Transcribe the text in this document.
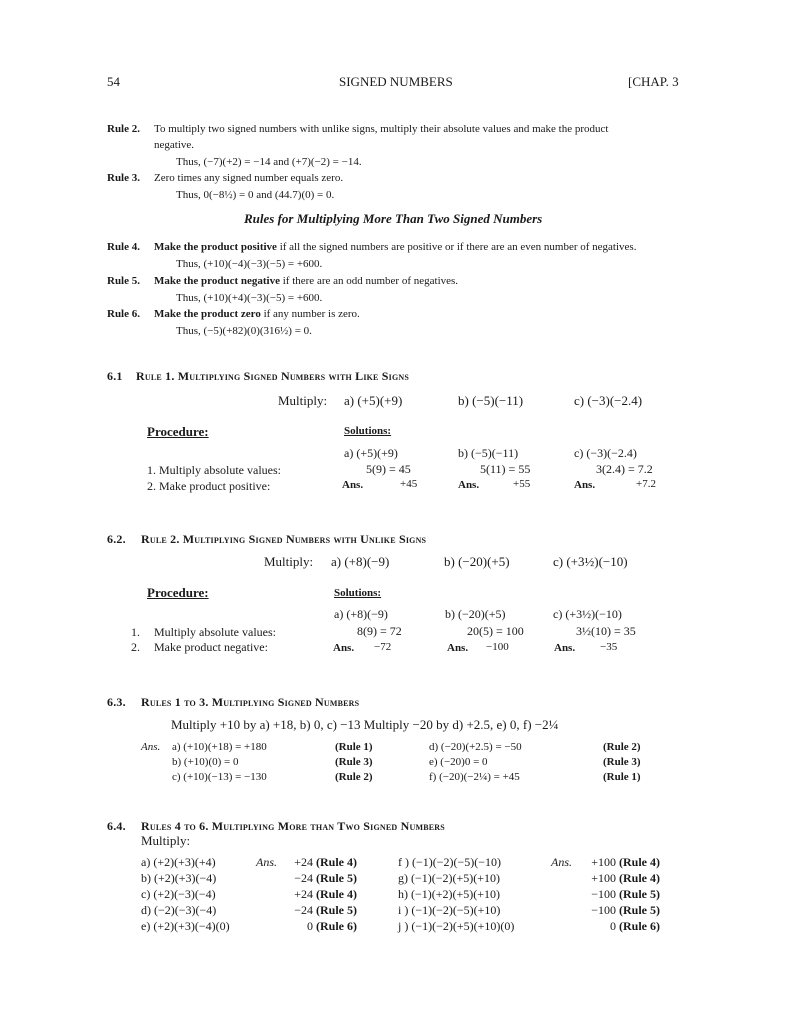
54	SIGNED NUMBERS	[CHAP. 3
Rule 2. To multiply two signed numbers with unlike signs, multiply their absolute values and make the product
negative.
Thus, (−7)(+2) = −14 and (+7)(−2) = −14.
Rule 3. Zero times any signed number equals zero.
Thus, 0(−8½) = 0 and (44.7)(0) = 0.
Rules for Multiplying More Than Two Signed Numbers
Rule 4. Make the product positive if all the signed numbers are positive or if there are an even number of negatives.
Thus, (+10)(−4)(−3)(−5) = +600.
Rule 5. Make the product negative if there are an odd number of negatives.
Thus, (+10)(+4)(−3)(−5) = +600.
Rule 6. Make the product zero if any number is zero.
Thus, (−5)(+82)(0)(316½) = 0.
6.1 Rule 1. Multiplying Signed Numbers with Like Signs
Multiply: a) (+5)(+9)	b) (−5)(−11)	c) (−3)(−2.4)
Procedure:	Solutions:
a) (+5)(+9)	b) (−5)(−11)	c) (−3)(−2.4)
1. Multiply absolute values:	5(9) = 45	5(11) = 55	3(2.4) = 7.2
2. Make product positive:	Ans.	+45	Ans.	+55	Ans.	+7.2
6.2. Rule 2. Multiplying Signed Numbers with Unlike Signs
Multiply: a) (+8)(−9)	b) (−20)(+5)	c) (+3½)(−10)
Procedure:	Solutions:
a) (+8)(−9)	b) (−20)(+5)	c) (+3½)(−10)
1. Multiply absolute values:	8(9) = 72	20(5) = 100	3½(10) = 35
2. Make product negative:	Ans. −72	Ans. −100	Ans. −35
6.3. Rules 1 to 3. Multiplying Signed Numbers
Multiply +10 by a) +18, b) 0, c) −13 Multiply −20 by d) +2.5, e) 0, f) −2¼
Ans. a) (+10)(+18) = +180	(Rule 1)
b) (+10)(0) = 0	(Rule 3)
c) (+10)(−13) = −130	(Rule 2)
d) (−20)(+2.5) = −50	(Rule 2)
e) (−20)0 = 0	(Rule 3)
f) (−20)(−2¼) = +45	(Rule 1)
6.4. Rules 4 to 6. Multiplying More than Two Signed Numbers
Multiply:
Ans.	Ans.
a) (+2)(+3)(+4)	+24 (Rule 4)
b) (+2)(+3)(−4)	−24 (Rule 5)
c) (+2)(−3)(−4)	+24 (Rule 4)
d) (−2)(−3)(−4)	−24 (Rule 5)
e) (+2)(+3)(−4)(0)	0 (Rule 6)
f ) (−1)(−2)(−5)(−10)	+100 (Rule 4)
g) (−1)(−2)(+5)(+10)	+100 (Rule 4)
h) (−1)(+2)(+5)(+10)	−100 (Rule 5)
i ) (−1)(−2)(−5)(+10)	−100 (Rule 5)
j ) (−1)(−2)(+5)(+10)(0)	0 (Rule 6)
